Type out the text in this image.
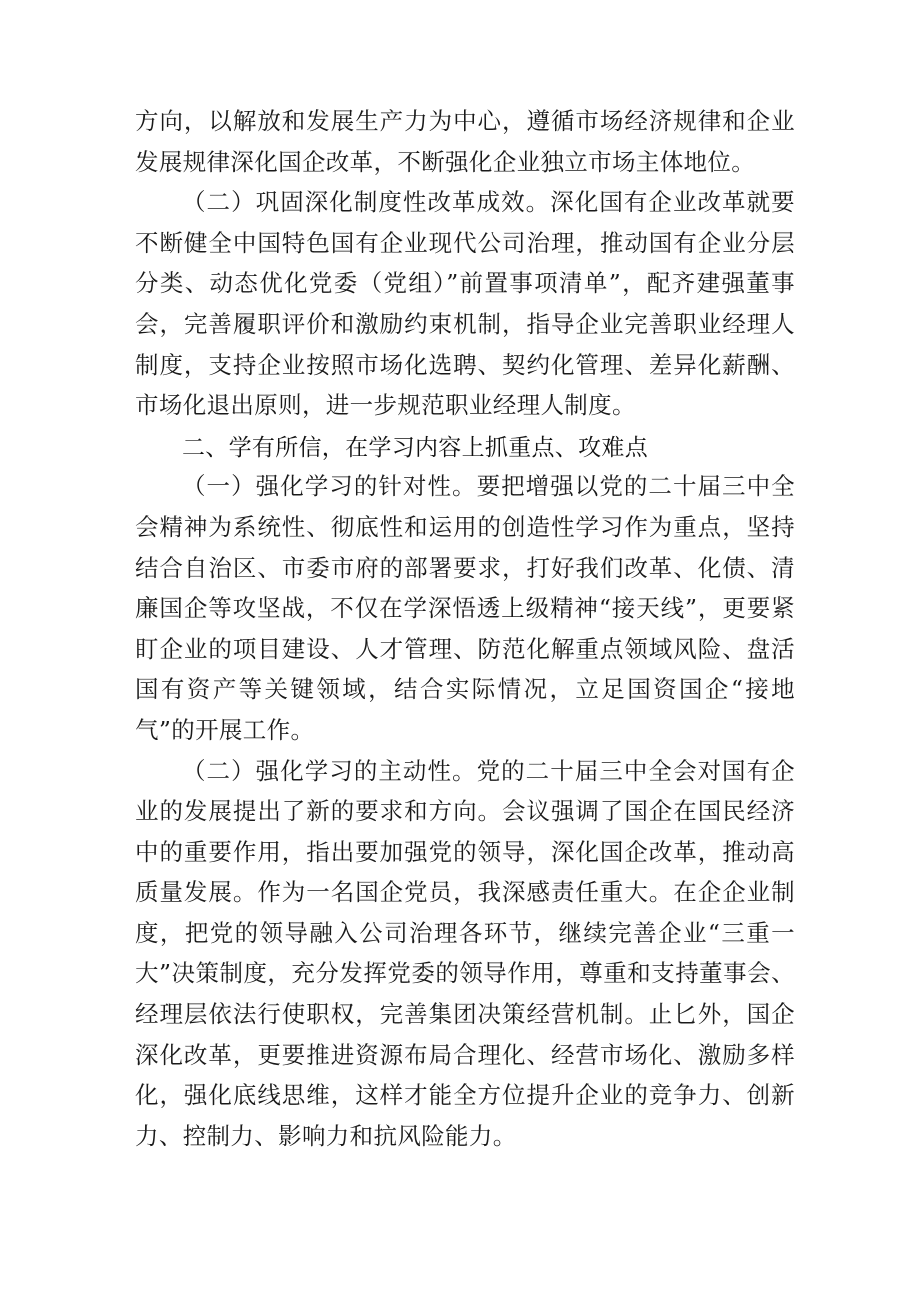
方向，以解放和发展生产力为中心，遵循市场经济规律和企业发展规律深化国企改革，不断强化企业独立市场主体地位。

（二）巩固深化制度性改革成效。深化国有企业改革就要不断健全中国特色国有企业现代公司治理，推动国有企业分层分类、动态优化党委（党组）”前置事项清单”，配齐建强董事会，完善履职评价和激励约束机制，指导企业完善职业经理人制度，支持企业按照市场化选聘、契约化管理、差异化薪酬、市场化退出原则，进一步规范职业经理人制度。

二、学有所信，在学习内容上抓重点、攻难点

（一）强化学习的针对性。要把增强以党的二十届三中全会精神为系统性、彻底性和运用的创造性学习作为重点，坚持结合自治区、市委市府的部署要求，打好我们改革、化债、清廉国企等攻坚战，不仅在学深悟透上级精神“接天线”，更要紧盯企业的项目建设、人才管理、防范化解重点领域风险、盘活国有资产等关键领域，结合实际情况，立足国资国企“接地气”的开展工作。

（二）强化学习的主动性。党的二十届三中全会对国有企业的发展提出了新的要求和方向。会议强调了国企在国民经济中的重要作用，指出要加强党的领导，深化国企改革，推动高质量发展。作为一名国企党员，我深感责任重大。在企企业制度，把党的领导融入公司治理各环节，继续完善企业“三重一大”决策制度，充分发挥党委的领导作用，尊重和支持董事会、经理层依法行使职权，完善集团决策经营机制。止匕外，国企深化改革，更要推进资源布局合理化、经营市场化、激励多样化，强化底线思维，这样才能全方位提升企业的竞争力、创新力、控制力、影响力和抗风险能力。
